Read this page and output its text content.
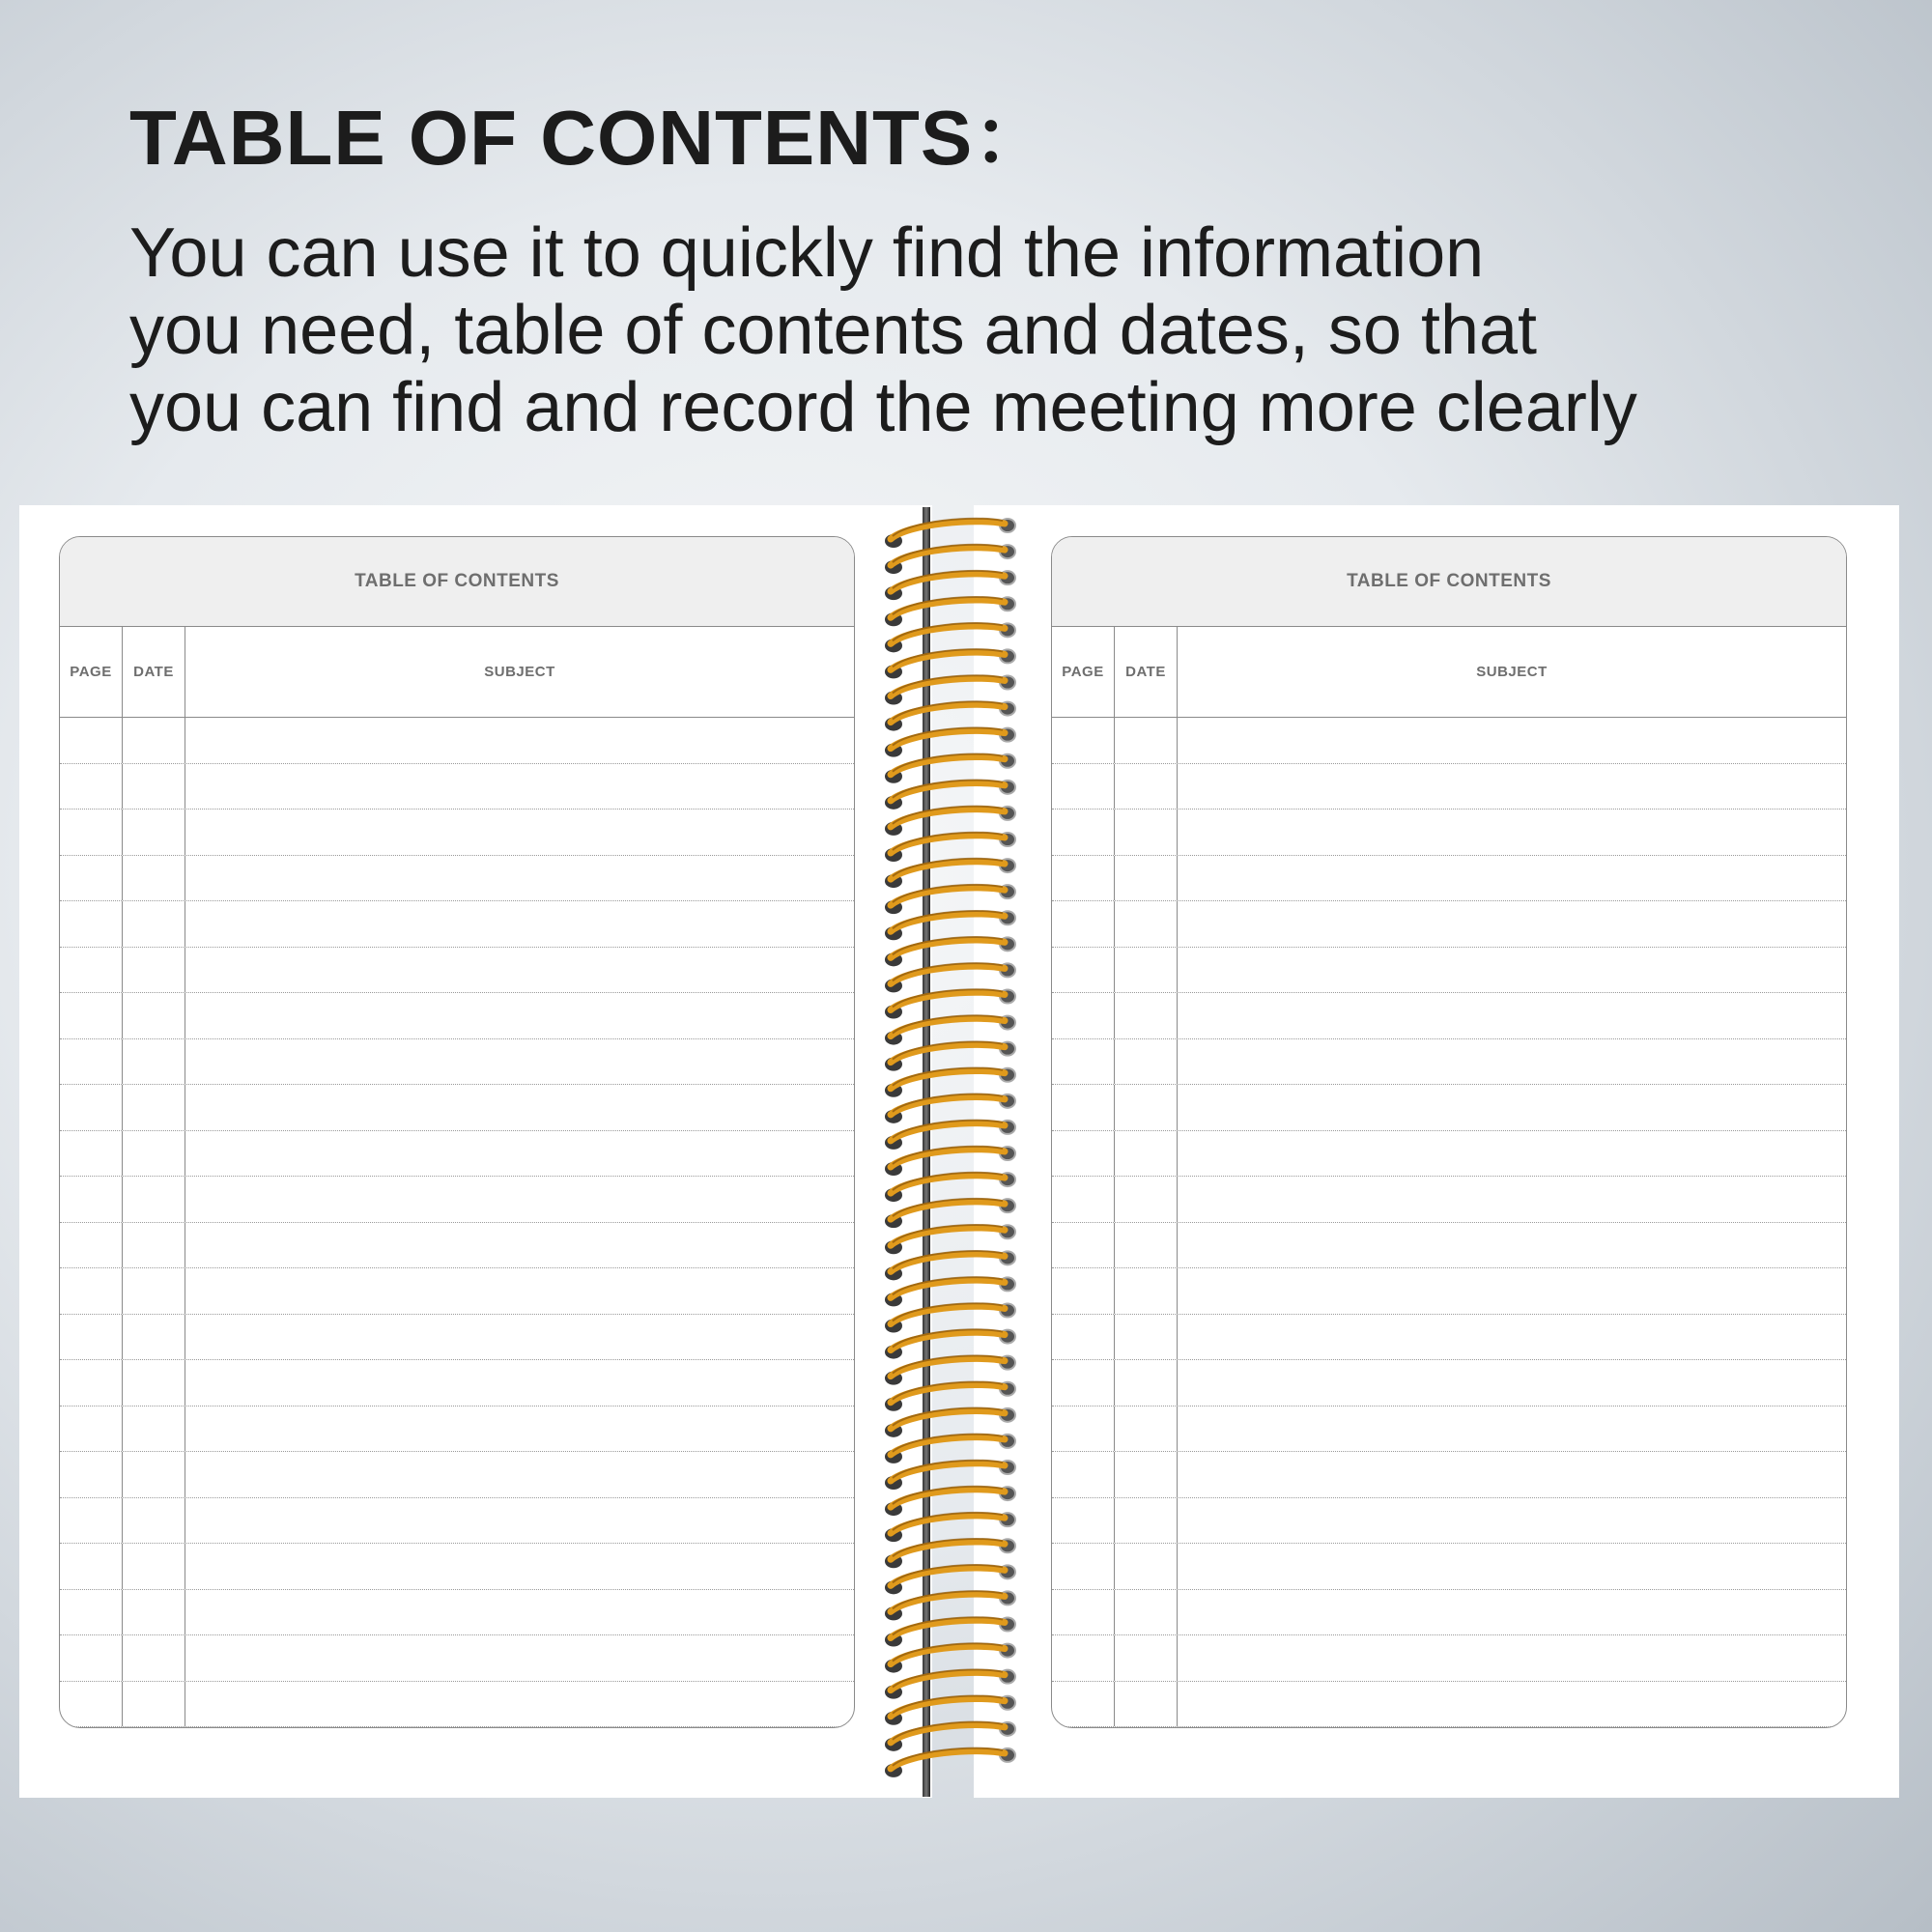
TABLE OF CONTENTS：
You can use it to quickly find the information
you need, table of contents and dates, so that
you can find and record the meeting more clearly
TABLE OF CONTENTS
PAGE	DATE	SUBJECT
TABLE OF CONTENTS
PAGE	DATE	SUBJECT
